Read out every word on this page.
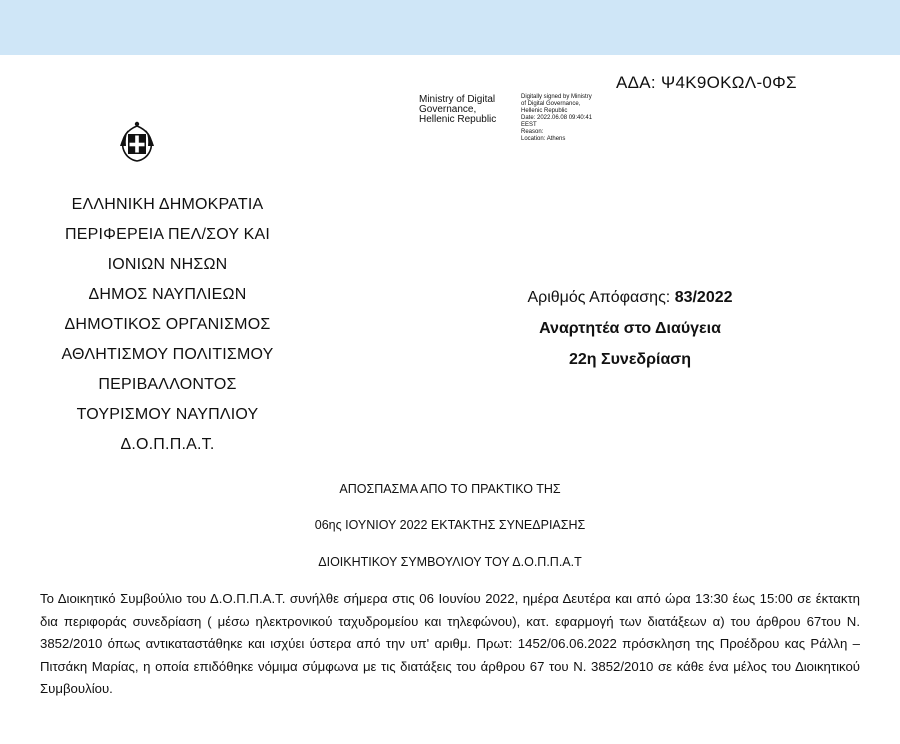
ΑΔΑ: Ψ4Κ9ΟΚΩΛ-0ΦΣ
Ministry of Digital
Governance,
Hellenic Republic
Digitally signed by Ministry
of Digital Governance,
Hellenic Republic
Date: 2022.06.08 09:40:41
EEST
Reason:
Location: Athens
ΕΛΛΗΝΙΚΗ ΔΗΜΟΚΡΑΤΙΑ
ΠΕΡΙΦΕΡΕΙΑ ΠΕΛ/ΣΟΥ ΚΑΙ
ΙΟΝΙΩΝ ΝΗΣΩΝ
ΔΗΜΟΣ ΝΑΥΠΛΙΕΩΝ
ΔΗΜΟΤΙΚΟΣ ΟΡΓΑΝΙΣΜΟΣ
ΑΘΛΗΤΙΣΜΟΥ ΠΟΛΙΤΙΣΜΟΥ
ΠΕΡΙΒΑΛΛΟΝΤΟΣ
ΤΟΥΡΙΣΜΟΥ ΝΑΥΠΛΙΟΥ
Δ.Ο.Π.Π.Α.Τ.
Αριθμός Απόφασης: 83/2022
Αναρτητέα στο Διαύγεια
22η Συνεδρίαση
ΑΠΟΣΠΑΣΜΑ ΑΠΟ ΤΟ ΠΡΑΚΤΙΚΟ ΤΗΣ
06ης ΙΟΥΝΙΟΥ 2022 ΕΚΤΑΚΤΗΣ ΣΥΝΕΔΡΙΑΣΗΣ
ΔΙΟΙΚΗΤΙΚΟΥ ΣΥΜΒΟΥΛΙΟΥ ΤΟΥ Δ.Ο.Π.Π.Α.Τ
Το Διοικητικό Συμβούλιο του Δ.Ο.Π.Π.Α.Τ. συνήλθε σήμερα στις 06 Ιουνίου 2022, ημέρα Δευτέρα και από ώρα 13:30 έως 15:00 σε έκτακτη δια περιφοράς συνεδρίαση ( μέσω ηλεκτρονικού ταχυδρομείου και τηλεφώνου), κατ. εφαρμογή των διατάξεων α) του άρθρου 67του Ν. 3852/2010 όπως αντικαταστάθηκε και ισχύει ύστερα από την υπ' αριθμ. Πρωτ: 1452/06.06.2022 πρόσκληση της Προέδρου κας Ράλλη – Πιτσάκη Μαρίας, η οποία επιδόθηκε νόμιμα σύμφωνα με τις διατάξεις του άρθρου 67 του Ν. 3852/2010 σε κάθε ένα μέλος του Διοικητικού Συμβουλίου.
